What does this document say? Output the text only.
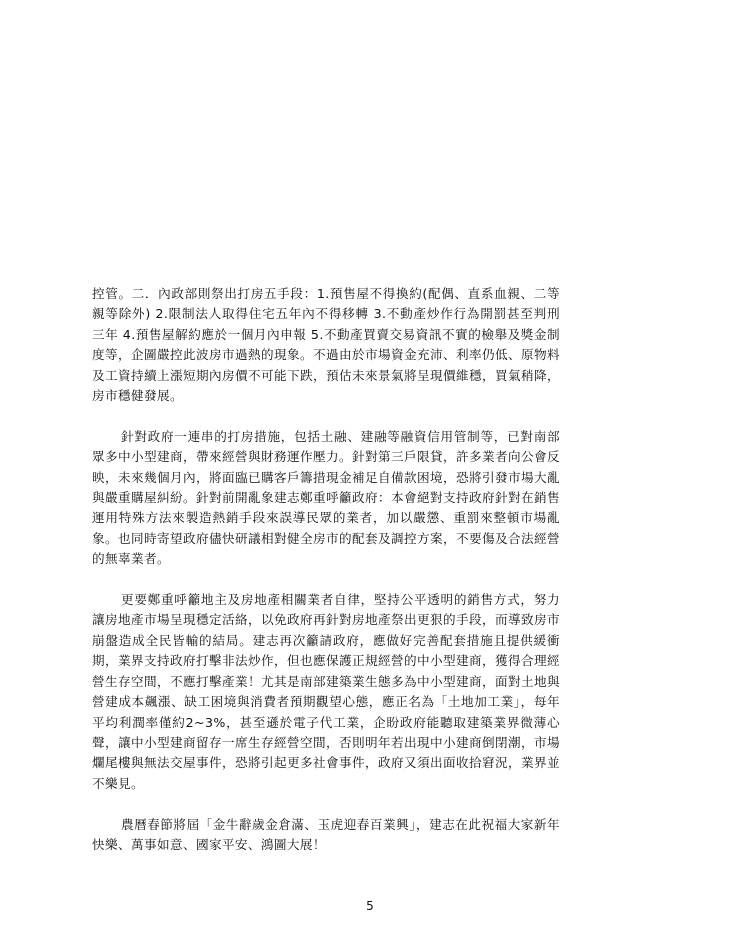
控管。二．內政部則祭出打房五手段：1.預售屋不得換約(配偶、直系血親、二等親等除外) 2.限制法人取得住宅五年內不得移轉 3.不動產炒作行為開罰甚至判刑三年 4.預售屋解約應於一個月內申報 5.不動產買賣交易資訊不實的檢舉及獎金制度等，企圖嚴控此波房市過熱的現象。不過由於市場資金充沛、利率仍低、原物料及工資持續上漲短期內房價不可能下跌，預估未來景氣將呈現價維穩，買氣稍降，房市穩健發展。

針對政府一連串的打房措施，包括土融、建融等融資信用管制等，已對南部眾多中小型建商，帶來經營與財務運作壓力。針對第三戶限貸，許多業者向公會反映，未來幾個月內，將面臨已購客戶籌措現金補足自備款困境，恐將引發市場大亂與嚴重購屋糾紛。針對前開亂象建志鄭重呼籲政府：本會絕對支持政府針對在銷售運用特殊方法來製造熱銷手段來誤導民眾的業者，加以嚴懲、重罰來整頓市場亂象。也同時寄望政府儘快研議相對健全房市的配套及調控方案，不要傷及合法經營的無辜業者。

更要鄭重呼籲地主及房地產相關業者自律，堅持公平透明的銷售方式，努力讓房地產市場呈現穩定活絡，以免政府再針對房地產祭出更狠的手段，而導致房市崩盤造成全民皆輸的結局。建志再次籲請政府，應做好完善配套措施且提供緩衝期，業界支持政府打擊非法炒作，但也應保護正規經營的中小型建商，獲得合理經營生存空間，不應打擊產業！尤其是南部建築業生態多為中小型建商，面對土地與營建成本飆漲、缺工困境與消費者預期觀望心態，應正名為「土地加工業」，每年平均利潤率僅約2~3%，甚至遜於電子代工業，企盼政府能聽取建築業界微薄心聲，讓中小型建商留存一席生存經營空間，否則明年若出現中小建商倒閉潮，市場爛尾樓與無法交屋事件，恐將引起更多社會事件，政府又須出面收拾窘況，業界並不樂見。

農曆春節將屆「金牛辭歲金倉滿、玉虎迎春百業興」，建志在此祝福大家新年快樂、萬事如意、國家平安、鴻圖大展！

5
